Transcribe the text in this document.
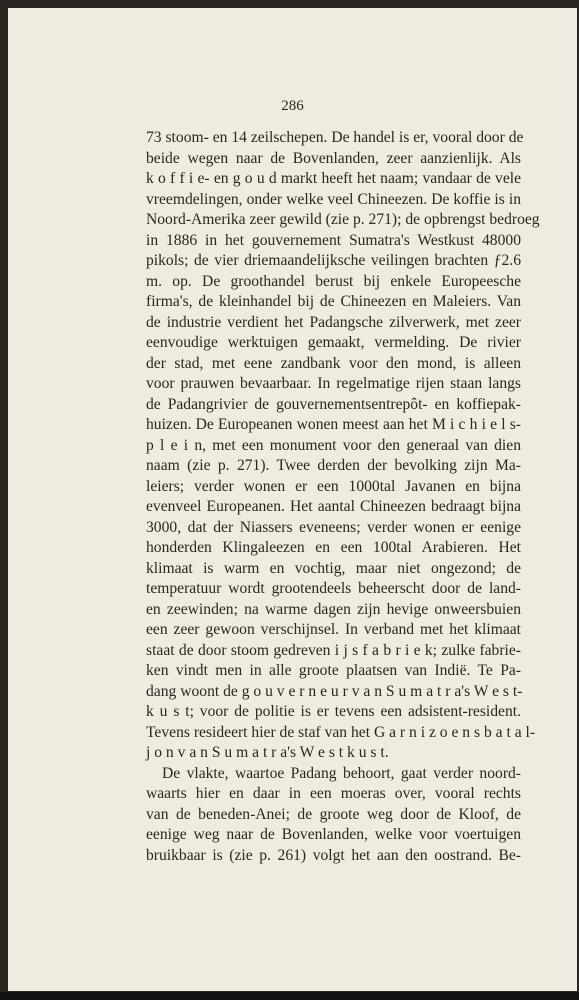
286
73 stoom- en 14 zeilschepen. De handel is er, vooral door de
beide wegen naar de Bovenlanden, zeer aanzienlijk. Als
k o f f i e- en g o u d markt heeft het naam; vandaar de vele
vreemdelingen, onder welke veel Chineezen. De koffie is in
Noord-Amerika zeer gewild (zie p. 271); de opbrengst bedroeg
in 1886 in het gouvernement Sumatra's Westkust 48000
pikols; de vier driemaandelijksche veilingen brachten ƒ2.6
m. op. De groothandel berust bij enkele Europeesche
firma's, de kleinhandel bij de Chineezen en Maleiers. Van
de industrie verdient het Padangsche zilverwerk, met zeer
eenvoudige werktuigen gemaakt, vermelding. De rivier
der stad, met eene zandbank voor den mond, is alleen
voor prauwen bevaarbaar. In regelmatige rijen staan langs
de Padangrivier de gouvernementsentrepôt- en koffiepak-
huizen. De Europeanen wonen meest aan het M i c h i e l s-
p l e i n, met een monument voor den generaal van dien
naam (zie p. 271). Twee derden der bevolking zijn Ma-
leiers; verder wonen er een 1000tal Javanen en bijna
evenveel Europeanen. Het aantal Chineezen bedraagt bijna
3000, dat der Niassers eveneens; verder wonen er eenige
honderden Klingaleezen en een 100tal Arabieren. Het
klimaat is warm en vochtig, maar niet ongezond; de
temperatuur wordt grootendeels beheerscht door de land-
en zeewinden; na warme dagen zijn hevige onweersbuien
een zeer gewoon verschijnsel. In verband met het klimaat
staat de door stoom gedreven i j s f a b r i e k; zulke fabrie-
ken vindt men in alle groote plaatsen van Indië. Te Pa-
dang woont de g o u v e r n e u r v a n S u m a t r a's W e s t-
k u s t; voor de politie is er tevens een adsistent-resident.
Tevens resideert hier de staf van het G a r n i z o e n s b a t a l-
j o n v a n S u m a t r a's W e s t k u s t.
De vlakte, waartoe Padang behoort, gaat verder noord-
waarts hier en daar in een moeras over, vooral rechts
van de beneden-Anei; de groote weg door de Kloof, de
eenige weg naar de Bovenlanden, welke voor voertuigen
bruikbaar is (zie p. 261) volgt het aan den oostrand. Be-
